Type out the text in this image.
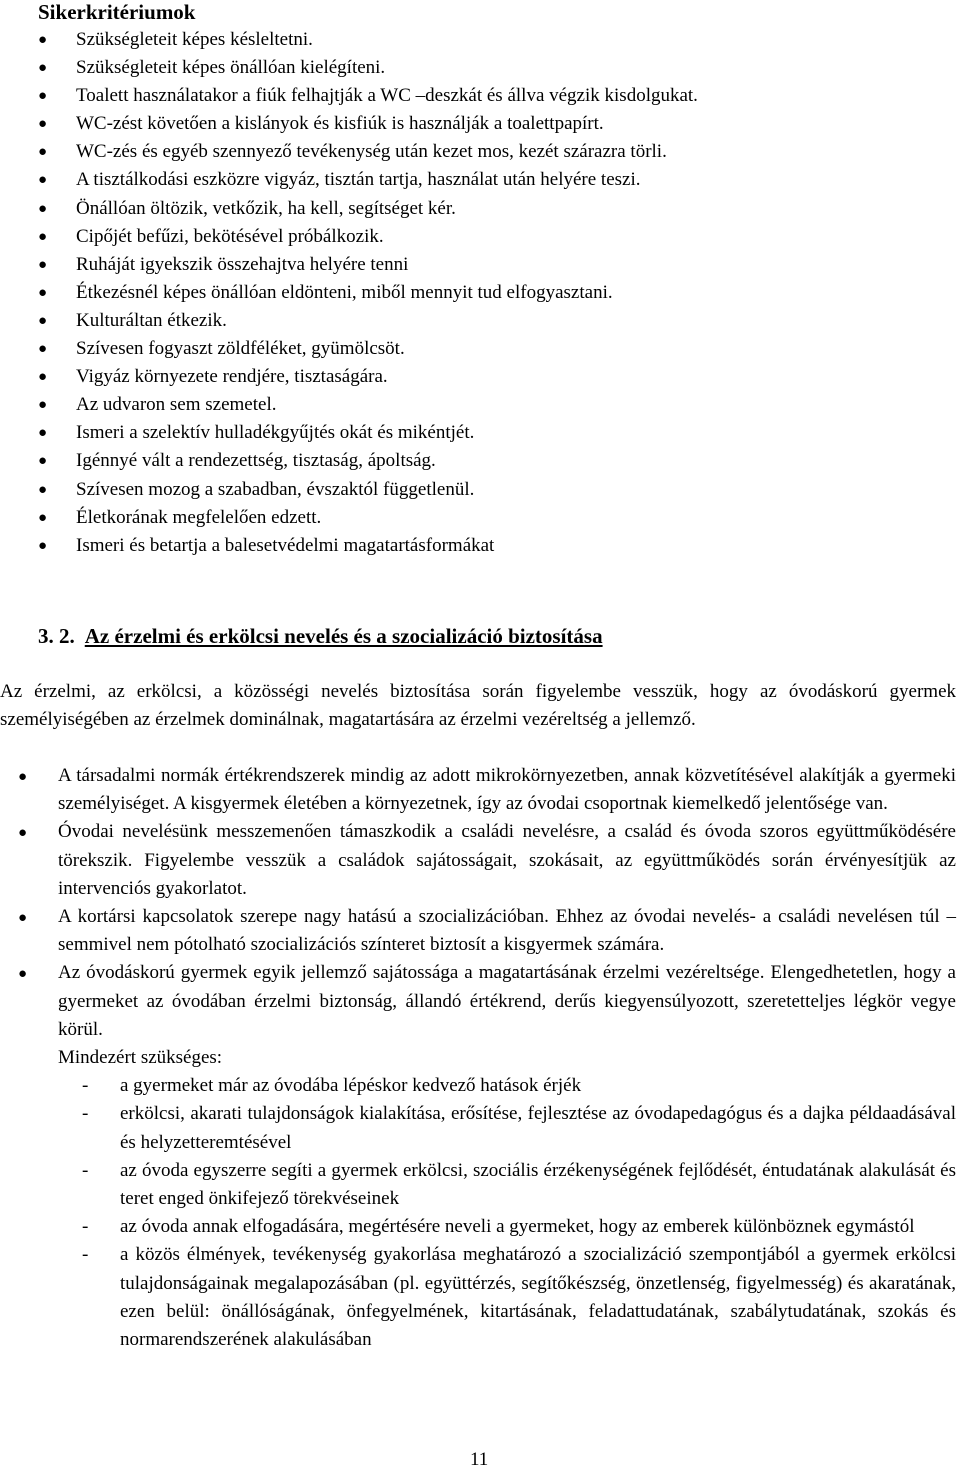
Sikerkritériumok
● Szükségleteit képes késleltetni.
● Szükségleteit képes önállóan kielégíteni.
● Toalett használatakor a fiúk felhajtják a WC –deszkát és állva végzik kisdolgukat.
● WC-zést követően a kislányok és kisfiúk is használják a toalettpapírt.
● WC-zés és egyéb szennyező tevékenység után kezet mos, kezét szárazra törli.
● A tisztálkodási eszközre vigyáz, tisztán tartja, használat után helyére teszi.
● Önállóan öltözik, vetkőzik, ha kell, segítséget kér.
● Cipőjét befűzi, bekötésével próbálkozik.
● Ruháját igyekszik összehajtva helyére tenni
● Étkezésnél képes önállóan eldönteni, miből mennyit tud elfogyasztani.
● Kulturáltan étkezik.
● Szívesen fogyaszt zöldféléket, gyümölcsöt.
● Vigyáz környezete rendjére, tisztaságára.
● Az udvaron sem szemetel.
● Ismeri a szelektív hulladékgyűjtés okát és mikéntjét.
● Igénnyé vált a rendezettség, tisztaság, ápoltság.
● Szívesen mozog a szabadban, évszaktól függetlenül.
● Életkorának megfelelően edzett.
● Ismeri és betartja a balesetvédelmi magatartásformákat
3. 2. Az érzelmi és erkölcsi nevelés és a szocializáció biztosítása

Az érzelmi, az erkölcsi, a közösségi nevelés biztosítása során figyelembe vesszük, hogy az óvodáskorú gyermek személyiségében az érzelmek dominálnak, magatartására az érzelmi vezéreltség a jellemző.

● A társadalmi normák értékrendszerek mindig az adott mikrokörnyezetben, annak közvetítésével alakítják a gyermeki személyiséget. A kisgyermek életében a környezetnek, így az óvodai csoportnak kiemelkedő jelentősége van.
● Óvodai nevelésünk messzemenően támaszkodik a családi nevelésre, a család és óvoda szoros együttműködésére törekszik. Figyelembe vesszük a családok sajátosságait, szokásait, az együttműködés során érvényesítjük az intervenciós gyakorlatot.
● A kortársi kapcsolatok szerepe nagy hatású a szocializációban. Ehhez az óvodai nevelés- a családi nevelésen túl – semmivel nem pótolható szocializációs színteret biztosít a kisgyermek számára.
● Az óvodáskorú gyermek egyik jellemző sajátossága a magatartásának érzelmi vezéreltsége. Elengedhetetlen, hogy a gyermeket az óvodában érzelmi biztonság, állandó értékrend, derűs kiegyensúlyozott, szeretetteljes légkör vegye körül.
Mindezért szükséges:
- a gyermeket már az óvodába lépéskor kedvező hatások érjék
- erkölcsi, akarati tulajdonságok kialakítása, erősítése, fejlesztése az óvodapedagógus és a dajka példaadásával és helyzetteremtésével
- az óvoda egyszerre segíti a gyermek erkölcsi, szociális érzékenységének fejlődését, éntudatának alakulását és teret enged önkifejező törekvéseinek
- az óvoda annak elfogadására, megértésére neveli a gyermeket, hogy az emberek különböznek egymástól
- a közös élmények, tevékenység gyakorlása meghatározó a szocializáció szempontjából a gyermek erkölcsi tulajdonságainak megalapozásában (pl. együttérzés, segítőkészség, önzetlenség, figyelmesség) és akaratának, ezen belül: önállóságának, önfegyelmének, kitartásának, feladattudatának, szabálytudatának, szokás és normarendszerének alakulásában
11
